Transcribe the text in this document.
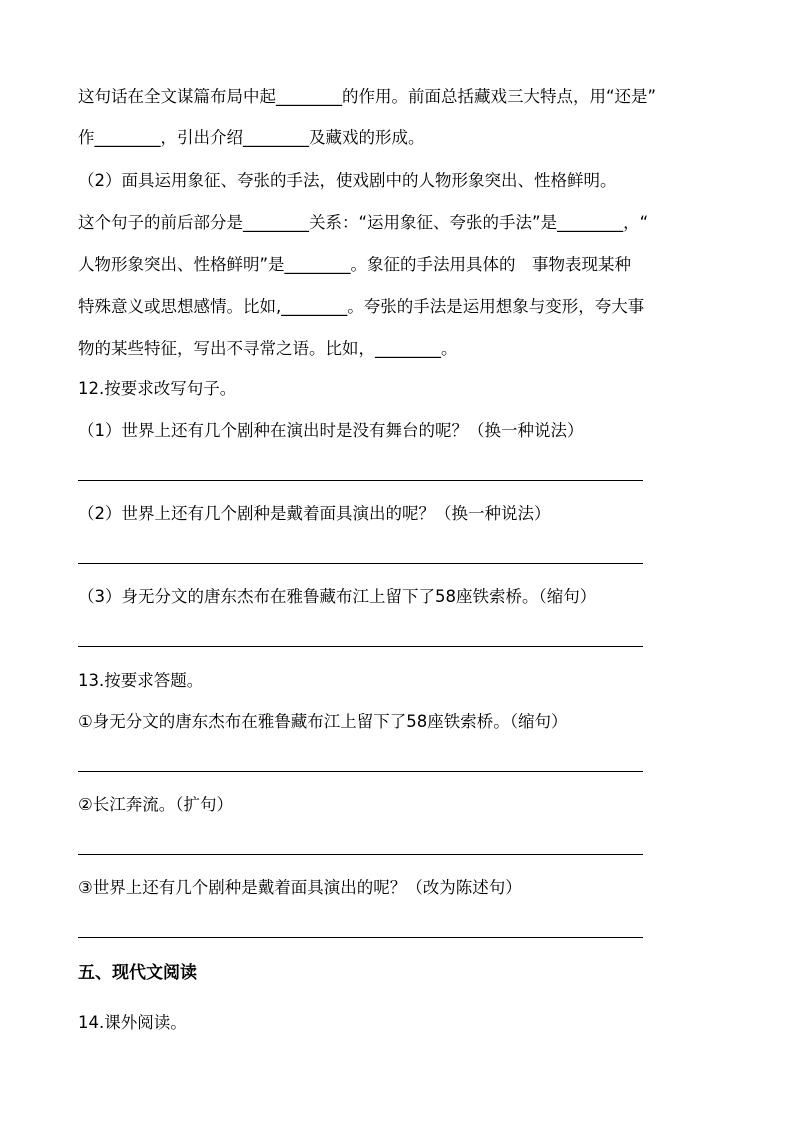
这句话在全文谋篇布局中起________的作用。前面总括藏戏三大特点，用“还是”
作________，引出介绍________及藏戏的形成。
（2）面具运用象征、夸张的手法，使戏剧中的人物形象突出、性格鲜明。
这个句子的前后部分是________关系：“运用象征、夸张的手法”是________，“
人物形象突出、性格鲜明”是________。象征的手法用具体的　事物表现某种
特殊意义或思想感情。比如,________。夸张的手法是运用想象与变形，夸大事
物的某些特征，写出不寻常之语。比如，________。
12.按要求改写句子。
（1）世界上还有几个剧种在演出时是没有舞台的呢？（换一种说法）
（2）世界上还有几个剧种是戴着面具演出的呢？（换一种说法）
（3）身无分文的唐东杰布在雅鲁藏布江上留下了58座铁索桥。（缩句）
13.按要求答题。
①身无分文的唐东杰布在雅鲁藏布江上留下了58座铁索桥。（缩句）
②长江奔流。（扩句）
③世界上还有几个剧种是戴着面具演出的呢？（改为陈述句）
五、现代文阅读
14.课外阅读。
